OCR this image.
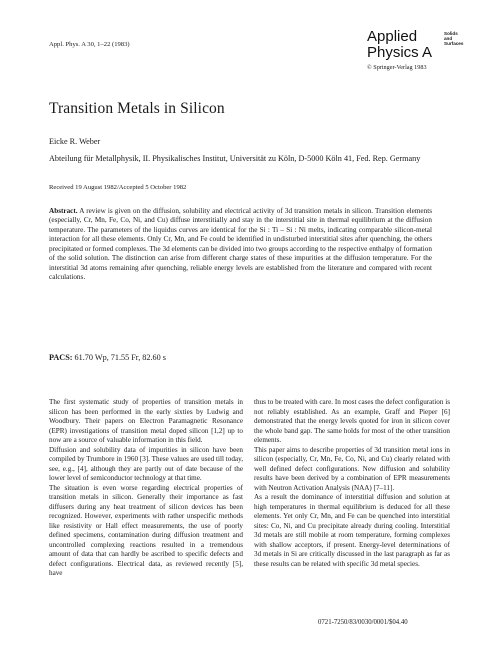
Appl. Phys. A 30, 1–22 (1983)	Applied
Physics A
Solids
and
Surfaces
© Springer-Verlag 1983
Transition Metals in Silicon
Eicke R. Weber
Abteilung für Metallphysik, II. Physikalisches Institut, Universität zu Köln, D-5000 Köln 41, Fed. Rep. Germany
Received 19 August 1982/Accepted 5 October 1982
Abstract. A review is given on the diffusion, solubility and electrical activity of 3d transition metals in silicon. Transition elements (especially, Cr, Mn, Fe, Co, Ni, and Cu) diffuse interstitially and stay in the interstitial site in thermal equilibrium at the diffusion temperature. The parameters of the liquidus curves are identical for the Si : Ti – Si : Ni melts, indicating comparable silicon-metal interaction for all these elements. Only Cr, Mn, and Fe could be identified in undisturbed interstitial sites after quenching, the others precipitated or formed complexes. The 3d elements can be divided into two groups according to the respective enthalpy of formation of the solid solution. The distinction can arise from different charge states of these impurities at the diffusion temperature. For the interstitial 3d atoms remaining after quenching, reliable energy levels are established from the literature and compared with recent calculations.
PACS: 61.70 Wp, 71.55 Fr, 82.60 s

The first systematic study of properties of transition metals in silicon has been performed in the early sixties by Ludwig and Woodbury. Their papers on Electron Paramagnetic Resonance (EPR) investigations of transition metal doped silicon [1,2] up to now are a source of valuable information in this field.

Diffusion and solubility data of impurities in silicon have been compiled by Trumbore in 1960 [3]. These values are used till today, see, e.g., [4], although they are partly out of date because of the lower level of semiconductor technology at that time.

The situation is even worse regarding electrical properties of transition metals in silicon. Generally their importance as fast diffusers during any heat treatment of silicon devices has been recognized. However, experiments with rather unspecific methods like resistivity or Hall effect measurements, the use of poorly defined specimens, contamination during diffusion treatment and uncontrolled complexing reactions resulted in a tremendous amount of data that can hardly be ascribed to specific defects and defect configurations. Electrical data, as reviewed recently [5], have

thus to be treated with care. In most cases the defect configuration is not reliably established. As an example, Graff and Pieper [6] demonstrated that the energy levels quoted for iron in silicon cover the whole band gap. The same holds for most of the other transition elements.

This paper aims to describe properties of 3d transition metal ions in silicon (especially, Cr, Mn, Fe, Co, Ni, and Cu) clearly related with well defined defect configurations. New diffusion and solubility results have been derived by a combination of EPR measurements with Neutron Activation Analysis (NAA) [7–11].

As a result the dominance of interstitial diffusion and solution at high temperatures in thermal equilibrium is deduced for all these elements. Yet only Cr, Mn, and Fe can be quenched into interstitial sites: Co, Ni, and Cu precipitate already during cooling. Interstitial 3d metals are still mobile at room temperature, forming complexes with shallow acceptors, if present. Energy-level determinations of 3d metals in Si are critically discussed in the last paragraph as far as these results can be related with specific 3d metal species.

0721-7250/83/0030/0001/$04.40
